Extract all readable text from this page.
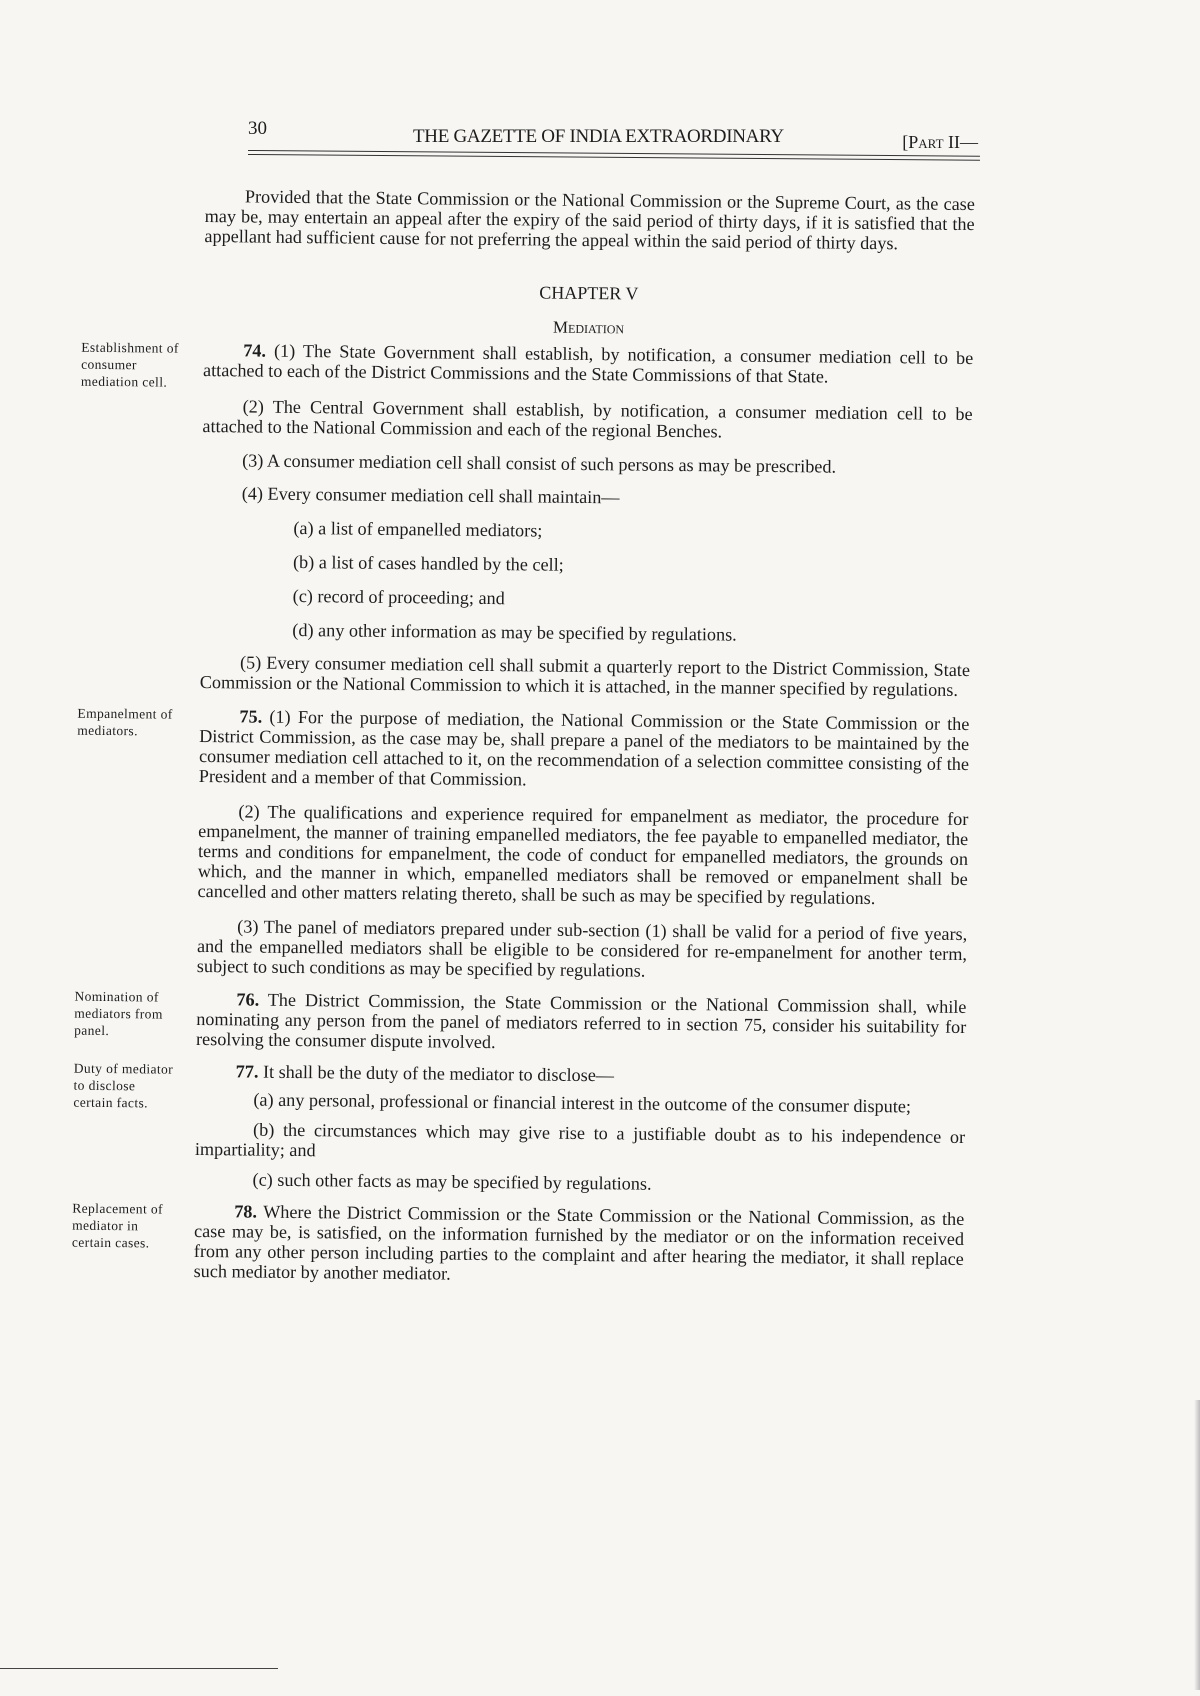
30	THE GAZETTE OF INDIA EXTRAORDINARY	[Part II—

Provided that the State Commission or the National Commission or the Supreme Court, as the case may be, may entertain an appeal after the expiry of the said period of thirty days, if it is satisfied that the appellant had sufficient cause for not preferring the appeal within the said period of thirty days.

CHAPTER V

Mediation

Establishment of consumer mediation cell.

74. (1) The State Government shall establish, by notification, a consumer mediation cell to be attached to each of the District Commissions and the State Commissions of that State.

(2) The Central Government shall establish, by notification, a consumer mediation cell to be attached to the National Commission and each of the regional Benches.

(3) A consumer mediation cell shall consist of such persons as may be prescribed.

(4) Every consumer mediation cell shall maintain—

(a) a list of empanelled mediators;

(b) a list of cases handled by the cell;

(c) record of proceeding; and

(d) any other information as may be specified by regulations.

(5) Every consumer mediation cell shall submit a quarterly report to the District Commission, State Commission or the National Commission to which it is attached, in the manner specified by regulations.

Empanelment of mediators.

75. (1) For the purpose of mediation, the National Commission or the State Commission or the District Commission, as the case may be, shall prepare a panel of the mediators to be maintained by the consumer mediation cell attached to it, on the recommendation of a selection committee consisting of the President and a member of that Commission.

(2) The qualifications and experience required for empanelment as mediator, the procedure for empanelment, the manner of training empanelled mediators, the fee payable to empanelled mediator, the terms and conditions for empanelment, the code of conduct for empanelled mediators, the grounds on which, and the manner in which, empanelled mediators shall be removed or empanelment shall be cancelled and other matters relating thereto, shall be such as may be specified by regulations.

(3) The panel of mediators prepared under sub-section (1) shall be valid for a period of five years, and the empanelled mediators shall be eligible to be considered for re-empanelment for another term, subject to such conditions as may be specified by regulations.

Nomination of mediators from panel.

76. The District Commission, the State Commission or the National Commission shall, while nominating any person from the panel of mediators referred to in section 75, consider his suitability for resolving the consumer dispute involved.

Duty of mediator to disclose certain facts.

77. It shall be the duty of the mediator to disclose—

(a) any personal, professional or financial interest in the outcome of the consumer dispute;

(b) the circumstances which may give rise to a justifiable doubt as to his independence or impartiality; and

(c) such other facts as may be specified by regulations.

Replacement of mediator in certain cases.

78. Where the District Commission or the State Commission or the National Commission, as the case may be, is satisfied, on the information furnished by the mediator or on the information received from any other person including parties to the complaint and after hearing the mediator, it shall replace such mediator by another mediator.
